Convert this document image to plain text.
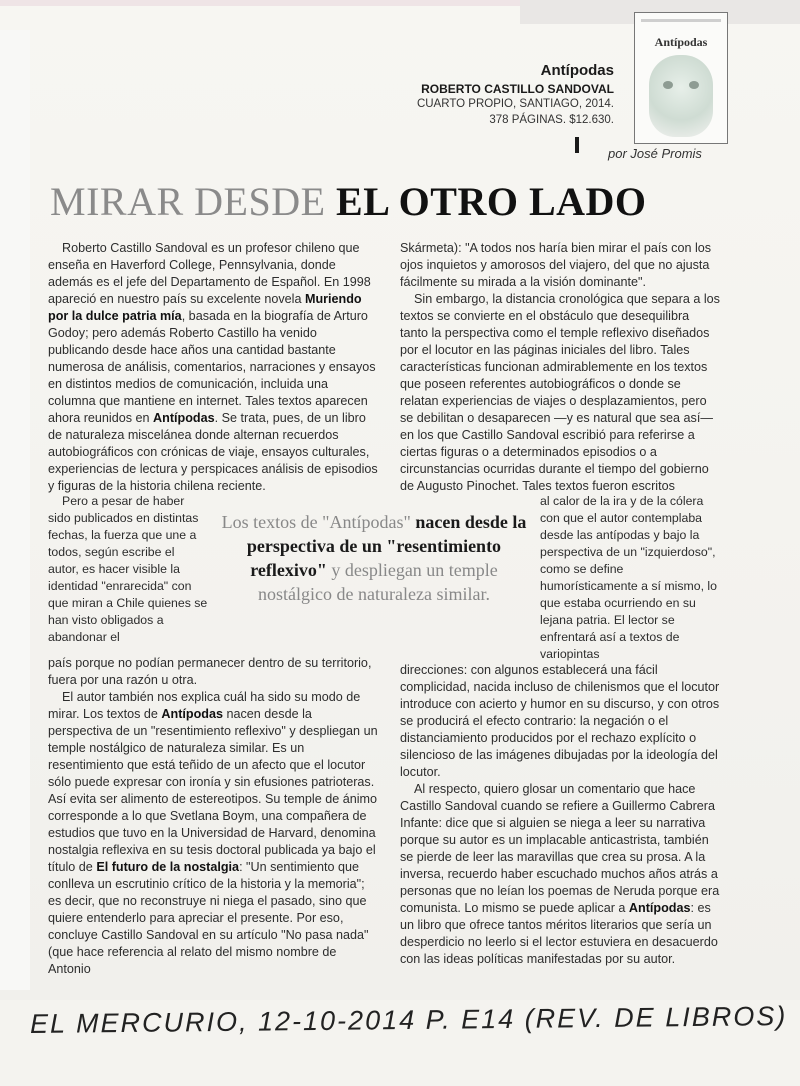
Antípodas
Antípodas
ROBERTO CASTILLO SANDOVAL
CUARTO PROPIO, SANTIAGO, 2014.
378 PÁGINAS. $12.630.
por José Promis
MIRAR DESDE EL OTRO LADO

Roberto Castillo Sandoval es un profesor chileno que enseña en Haverford College, Pennsylvania, donde además es el jefe del Departamento de Español. En 1998 apareció en nuestro país su excelente novela Muriendo por la dulce patria mía, basada en la biografía de Arturo Godoy; pero además Roberto Castillo ha venido publicando desde hace años una cantidad bastante numerosa de análisis, comentarios, narraciones y ensayos en distintos medios de comunicación, incluida una columna que mantiene en internet. Tales textos aparecen ahora reunidos en Antípodas. Se trata, pues, de un libro de naturaleza misceláneа donde alternan recuerdos autobiográficos con crónicas de viaje, ensayos culturales, experiencias de lectura y perspicaces análisis de episodios y figuras de la historia chilena reciente.

Pero a pesar de haber sido publicados en distintas fechas, la fuerza que une a todos, según escribe el autor, es hacer visible la identidad "enrarecida" con que miran a Chile quienes se han visto obligados a abandonar el

Los textos de "Antípodas" nacen desde la perspectiva de un "resentimiento reflexivo" y despliegan un temple nostálgico de naturaleza similar.

país porque no podían permanecer dentro de su territorio, fuera por una razón u otra.

El autor también nos explica cuál ha sido su modo de mirar. Los textos de Antípodas nacen desde la perspectiva de un "resentimiento reflexivo" y despliegan un temple nostálgico de naturaleza similar. Es un resentimiento que está teñido de un afecto que el locutor sólo puede expresar con ironía y sin efusiones patrioteras. Así evita ser alimento de estereotipos. Su temple de ánimo corresponde a lo que Svetlana Boym, una compañera de estudios que tuvo en la Universidad de Harvard, denomina nostalgia reflexiva en su tesis doctoral publicada ya bajo el título de El futuro de la nostalgia: "Un sentimiento que conlleva un escrutinio crítico de la historia y la memoria"; es decir, que no reconstruye ni niega el pasado, sino que quiere entenderlo para apreciar el presente. Por eso, concluye Castillo Sandoval en su artículo "No pasa nada" (que hace referencia al relato del mismo nombre de Antonio

Skármeta): "A todos nos haría bien mirar el país con los ojos inquietos y amorosos del viajero, del que no ajusta fácilmente su mirada a la visión dominante".

Sin embargo, la distancia cronológica que separa a los textos se convierte en el obstáculo que desequilibra tanto la perspectiva como el temple reflexivo diseñados por el locutor en las páginas iniciales del libro. Tales características funcionan admirablemente en los textos que poseen referentes autobiográficos o donde se relatan experiencias de viajes o desplazamientos, pero se debilitan o desaparecen —y es natural que sea así— en los que Castillo Sandoval escribió para referirse a ciertas figuras o a determinados episodios o a circunstancias ocurridas durante el tiempo del gobierno de Augusto Pinochet. Tales textos fueron escritos

al calor de la ira y de la cólera con que el autor contemplaba desde las antípodas y bajo la perspectiva de un "izquierdoso", como se define humorísticamente a sí mismo, lo que estaba ocurriendo en su lejana patria. El lector se enfrentará así a textos de variopintas

direcciones: con algunos establecerá una fácil complicidad, nacida incluso de chilenismos que el locutor introduce con acierto y humor en su discurso, y con otros se producirá el efecto contrario: la negación o el distanciamiento producidos por el rechazo explícito o silencioso de las imágenes dibujadas por la ideología del locutor.

Al respecto, quiero glosar un comentario que hace Castillo Sandoval cuando se refiere a Guillermo Cabrera Infante: dice que si alguien se niega a leer su narrativa porque su autor es un implacable anticastrista, también se pierde de leer las maravillas que crea su prosa. A la inversa, recuerdo haber escuchado muchos años atrás a personas que no leían los poemas de Neruda porque era comunista. Lo mismo se puede aplicar a Antípodas: es un libro que ofrece tantos méritos literarios que sería un desperdicio no leerlo si el lector estuviera en desacuerdo con las ideas políticas manifestadas por su autor.

EL MERCURIO, 12-10-2014 P. E14 (REV. DE LIBROS)
